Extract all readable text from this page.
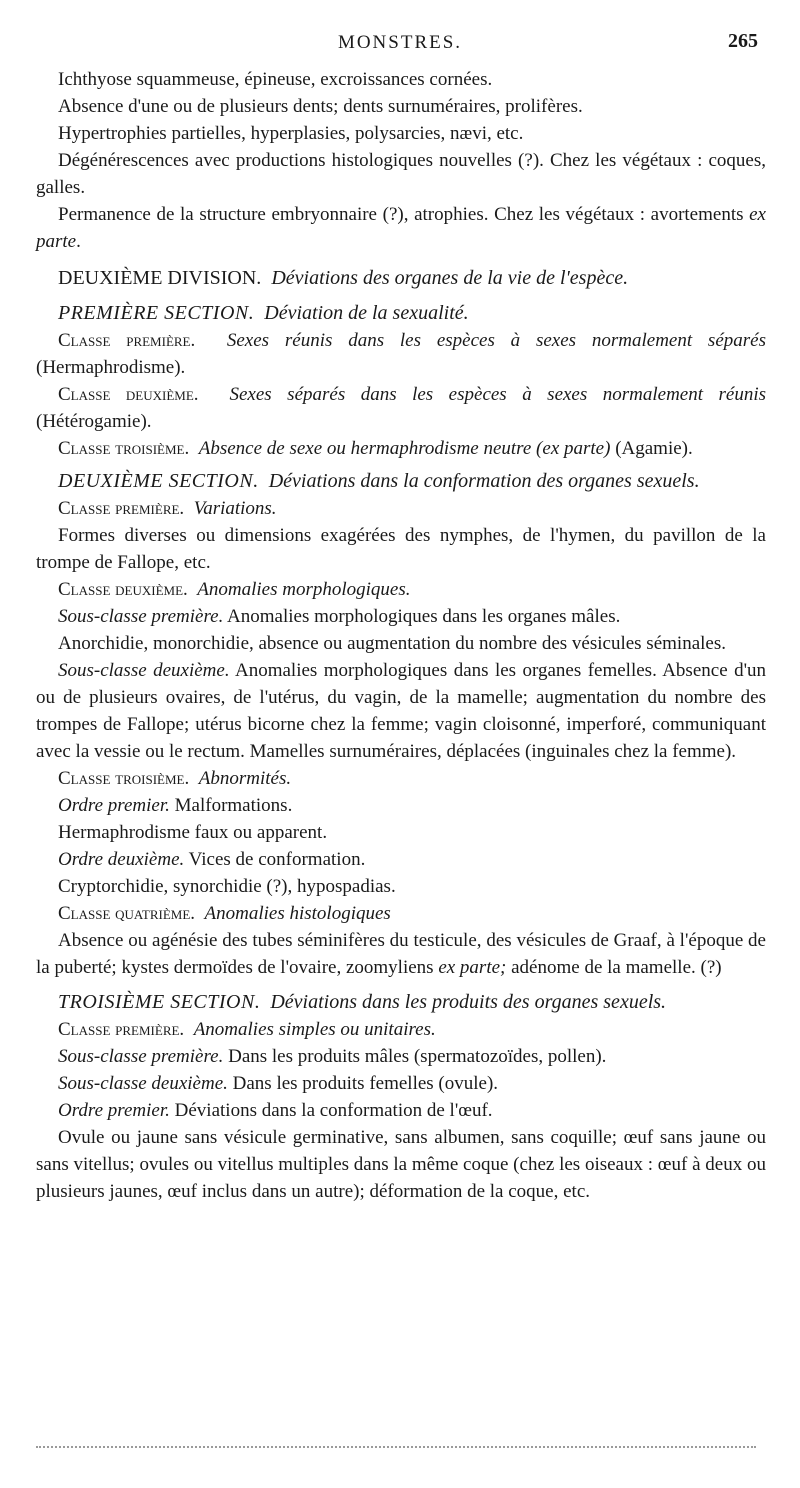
MONSTRES.	265

Ichthyose squammeuse, épineuse, excroissances cornées.

Absence d'une ou de plusieurs dents; dents surnuméraires, prolifères.

Hypertrophies partielles, hyperplasies, polysarcies, nævi, etc.

Dégénérescences avec productions histologiques nouvelles (?). Chez les végétaux : coques, galles.

Permanence de la structure embryonnaire (?), atrophies. Chez les végétaux : avortements ex parte.

DEUXIÈME DIVISION. Déviations des organes de la vie de l'espèce.

PREMIÈRE SECTION. Déviation de la sexualité.

Classe première. Sexes réunis dans les espèces à sexes normalement séparés (Hermaphrodisme).

Classe deuxième. Sexes séparés dans les espèces à sexes normalement réunis (Hétérogamie).

Classe troisième. Absence de sexe ou hermaphrodisme neutre (ex parte) (Agamie).

DEUXIÈME SECTION. Déviations dans la conformation des organes sexuels.

Classe première. Variations.

Formes diverses ou dimensions exagérées des nymphes, de l'hymen, du pavillon de la trompe de Fallope, etc.

Classe deuxième. Anomalies morphologiques.

Sous-classe première. Anomalies morphologiques dans les organes mâles.

Anorchidie, monorchidie, absence ou augmentation du nombre des vésicules séminales.

Sous-classe deuxième. Anomalies morphologiques dans les organes femelles. Absence d'un ou de plusieurs ovaires, de l'utérus, du vagin, de la mamelle; augmentation du nombre des trompes de Fallope; utérus bicorne chez la femme; vagin cloisonné, imperforé, communiquant avec la vessie ou le rectum. Mamelles surnuméraires, déplacées (inguinales chez la femme).

Classe troisième. Abnormités.

Ordre premier. Malformations.

Hermaphrodisme faux ou apparent.

Ordre deuxième. Vices de conformation.

Cryptorchidie, synorchidie (?), hypospadias.

Classe quatrième. Anomalies histologiques

Absence ou agénésie des tubes séminifères du testicule, des vésicules de Graaf, à l'époque de la puberté; kystes dermoïdes de l'ovaire, zoomyliens ex parte; adénome de la mamelle. (?)

TROISIÈME SECTION. Déviations dans les produits des organes sexuels.

Classe première. Anomalies simples ou unitaires.

Sous-classe première. Dans les produits mâles (spermatozoïdes, pollen).

Sous-classe deuxième. Dans les produits femelles (ovule).

Ordre premier. Déviations dans la conformation de l'œuf.

Ovule ou jaune sans vésicule germinative, sans albumen, sans coquille; œuf sans jaune ou sans vitellus; ovules ou vitellus multiples dans la même coque (chez les oiseaux : œuf à deux ou plusieurs jaunes, œuf inclus dans un autre); déformation de la coque, etc.
